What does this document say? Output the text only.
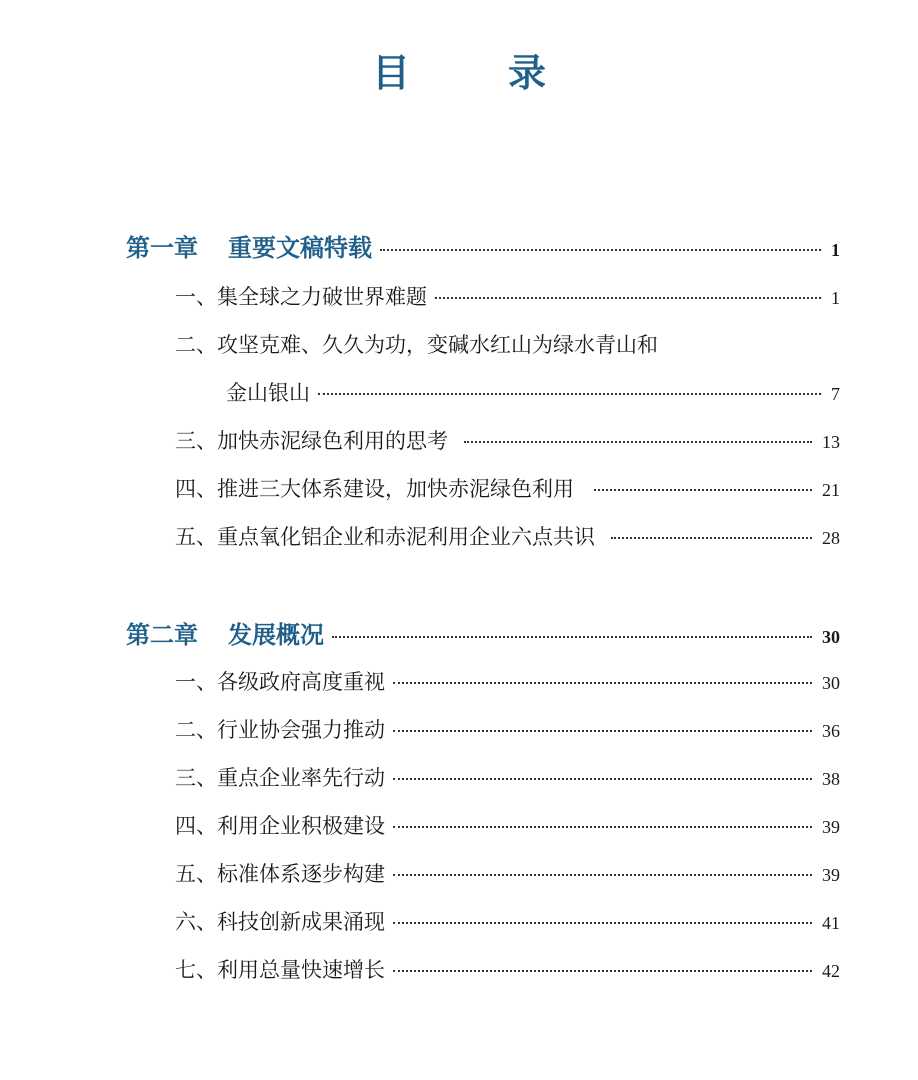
目	录
第一章 重要文稿特载	1
一、集全球之力破世界难题	1
二、攻坚克难、久久为功，变碱水红山为绿水青山和
金山银山	7
三、加快赤泥绿色利用的思考	13
四、推进三大体系建设，加快赤泥绿色利用	21
五、重点氧化铝企业和赤泥利用企业六点共识	28
第二章 发展概况	30
一、各级政府高度重视	30
二、行业协会强力推动	36
三、重点企业率先行动	38
四、利用企业积极建设	39
五、标准体系逐步构建	39
六、科技创新成果涌现	41
七、利用总量快速增长	42
